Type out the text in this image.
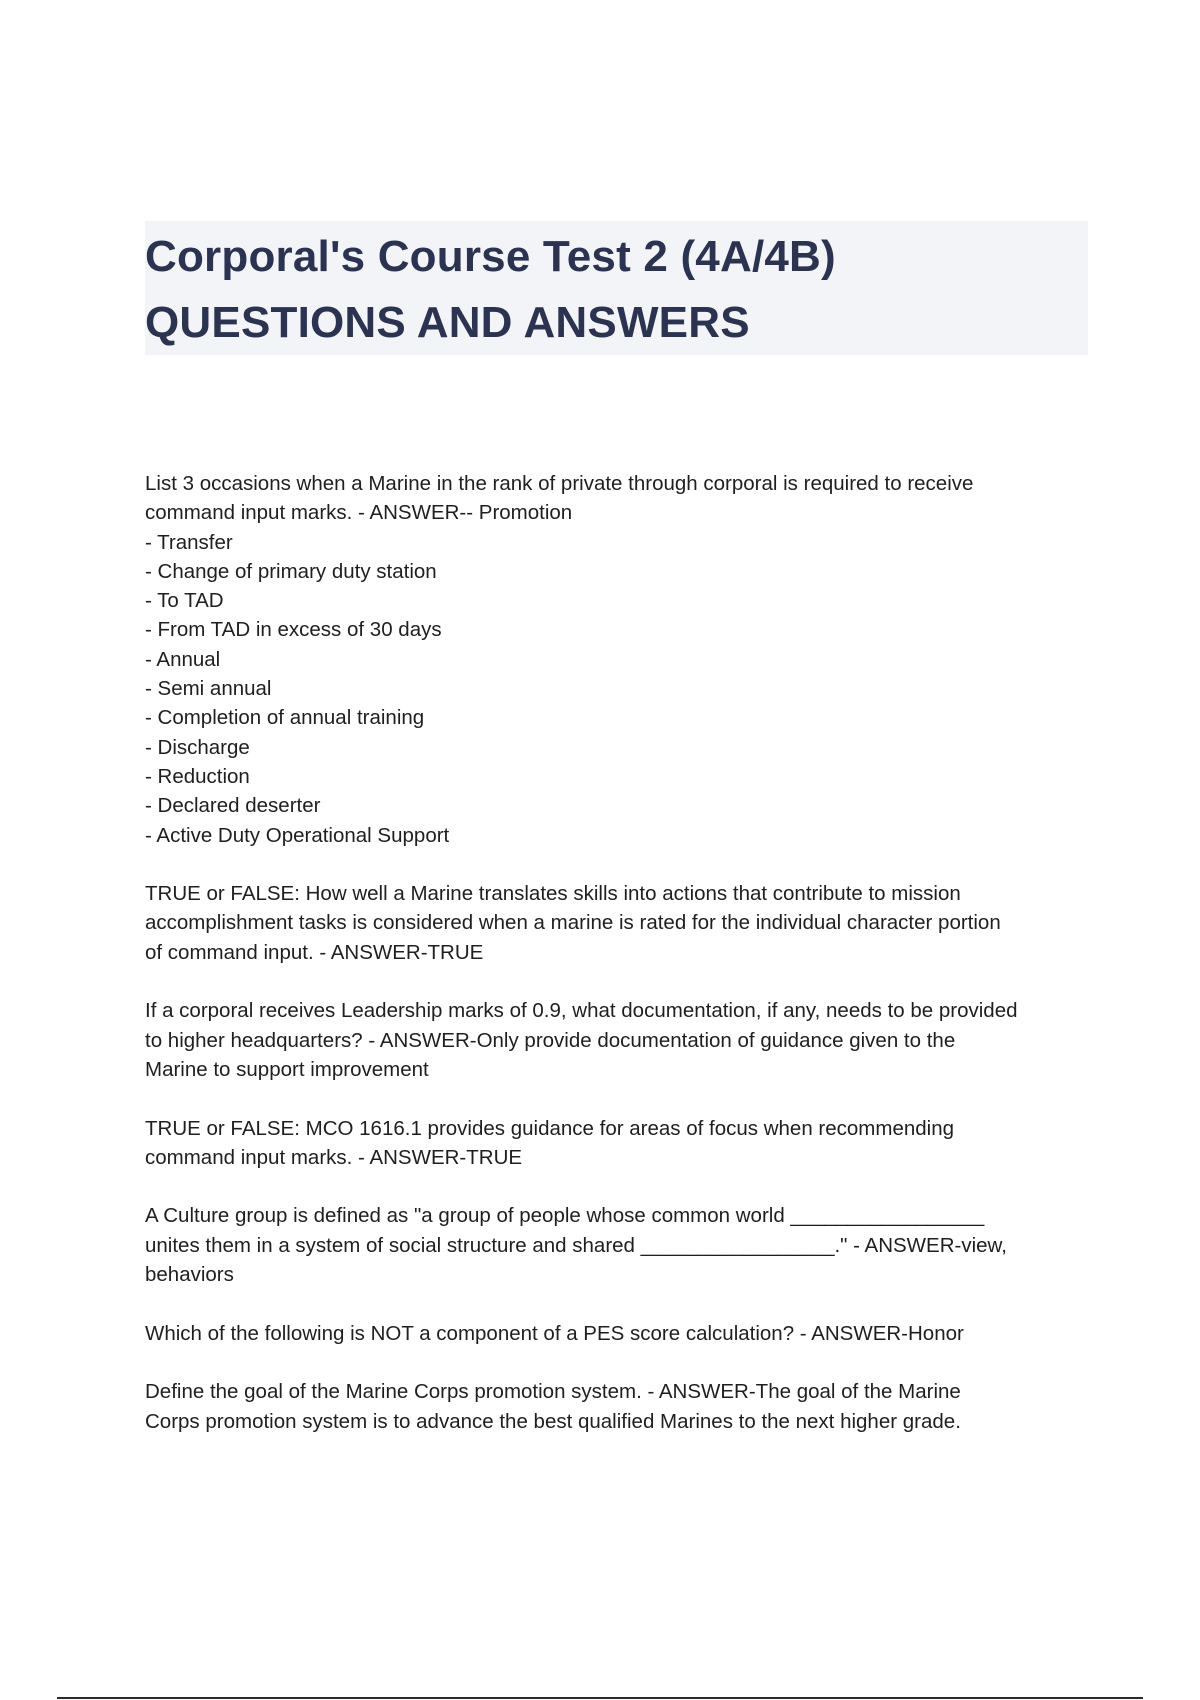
Corporal's Course Test 2 (4A/4B)
QUESTIONS AND ANSWERS
List 3 occasions when a Marine in the rank of private through corporal is required to receive
command input marks. - ANSWER-- Promotion
- Transfer
- Change of primary duty station
- To TAD
- From TAD in excess of 30 days
- Annual
- Semi annual
- Completion of annual training
- Discharge
- Reduction
- Declared deserter
- Active Duty Operational Support
TRUE or FALSE: How well a Marine translates skills into actions that contribute to mission
accomplishment tasks is considered when a marine is rated for the individual character portion
of command input. - ANSWER-TRUE
If a corporal receives Leadership marks of 0.9, what documentation, if any, needs to be provided
to higher headquarters? - ANSWER-Only provide documentation of guidance given to the
Marine to support improvement
TRUE or FALSE: MCO 1616.1 provides guidance for areas of focus when recommending
command input marks. - ANSWER-TRUE
A Culture group is defined as "a group of people whose common world _________________
unites them in a system of social structure and shared _________________." - ANSWER-view,
behaviors
Which of the following is NOT a component of a PES score calculation? - ANSWER-Honor
Define the goal of the Marine Corps promotion system. - ANSWER-The goal of the Marine
Corps promotion system is to advance the best qualified Marines to the next higher grade.
